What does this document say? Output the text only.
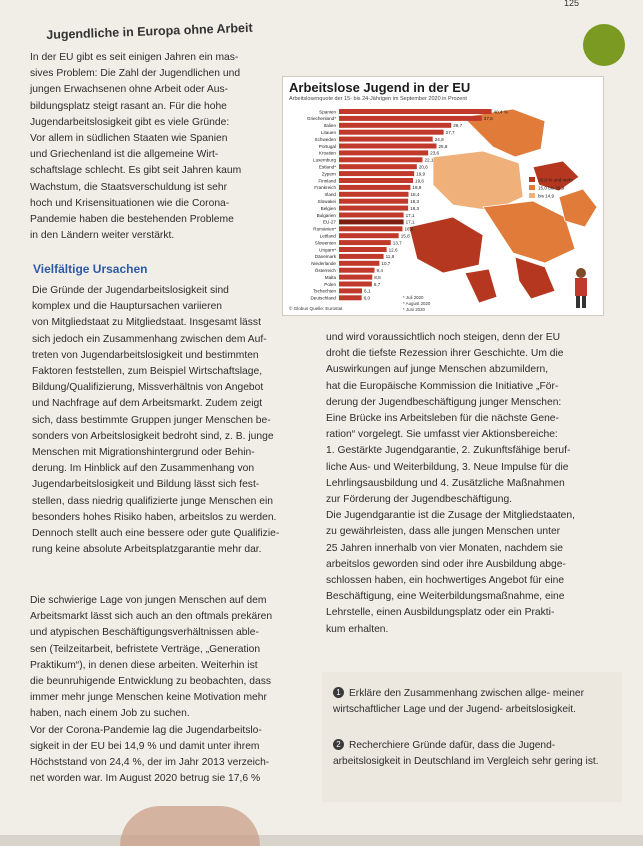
125
Jugendliche in Europa ohne Arbeit
In der EU gibt es seit einigen Jahren ein mas-
sives Problem: Die Zahl der Jugendlichen und
jungen Erwachsenen ohne Arbeit oder Aus-
bildungsplatz steigt rasant an. Für die hohe
Jugendarbeitslosigkeit gibt es viele Gründe:
Vor allem in südlichen Staaten wie Spanien
und Griechenland ist die allgemeine Wirt-
schaftslage schlecht. Es gibt seit Jahren kaum
Wachstum, die Staatsverschuldung ist sehr
hoch und Krisensituationen wie die Corona-
Pandemie haben die bestehenden Probleme
in den Ländern weiter verstärkt.
Arbeitslose Jugend in der EU
Arbeitslosenquote der 15- bis 24-Jährigen im September 2020 in Prozent
Spanien	40,4 %
Griechenland*	37,8
Italien	29,7
Litauen	27,7
Schweden	24,8
Portugal	25,8
Kroatien	23,6
Luxemburg	22,1
Estland*	20,6
Zypern	19,9
Finnland	19,6
Frankreich	18,9
Irland	18,4
Slowakei	18,3
Belgien	18,3
Bulgarien	17,1
EU-27	17,1
Rumänien*	16,8
Lettland	15,8
Slowenien	13,7
Ungarn*	12,6
Dänemark	11,8
Niederlande	10,7
Österreich	9,4
Malta	8,8
Polen	8,7
Tschechien	6,1
Deutschland	6,0
20,0 % und mehr
15,0 bis 29,9
bis 14,9
* Juli 2020
* August 2020
* Juni 2020
© Globus Quelle: Eurostat
Vielfältige Ursachen
Die Gründe der Jugendarbeitslosigkeit sind
komplex und die Hauptursachen variieren
von Mitgliedstaat zu Mitgliedstaat. Insgesamt lässt
sich jedoch ein Zusammenhang zwischen dem Auf-
treten von Jugendarbeitslosigkeit und bestimmten
Faktoren feststellen, zum Beispiel Wirtschaftslage,
Bildung/Qualifizierung, Missverhältnis von Angebot
und Nachfrage auf dem Arbeitsmarkt. Zudem zeigt
sich, dass bestimmte Gruppen junger Menschen be-
sonders von Arbeitslosigkeit bedroht sind, z. B. junge
Menschen mit Migrationshintergrund oder Behin-
derung. Im Hinblick auf den Zusammenhang von
Jugendarbeitslosigkeit und Bildung lässt sich fest-
stellen, dass niedrig qualifizierte junge Menschen ein
besonders hohes Risiko haben, arbeitslos zu werden.
Dennoch stellt auch eine bessere oder gute Qualifizie-
rung keine absolute Arbeitsplatzgarantie mehr dar.
Die schwierige Lage von jungen Menschen auf dem
Arbeitsmarkt lässt sich auch an den oftmals prekären
und atypischen Beschäftigungsverhältnissen able-
sen (Teilzeitarbeit, befristete Verträge, „Generation
Praktikum“), in denen diese arbeiten. Weiterhin ist
die beunruhigende Entwicklung zu beobachten, dass
immer mehr junge Menschen keine Motivation mehr
haben, nach einem Job zu suchen.
Vor der Corona-Pandemie lag die Jugendarbeitslo-
sigkeit in der EU bei 14,9 % und damit unter ihrem
Höchststand von 24,4 %, der im Jahr 2013 verzeich-
net worden war. Im August 2020 betrug sie 17,6 %
und wird voraussichtlich noch steigen, denn der EU
droht die tiefste Rezession ihrer Geschichte. Um die
Auswirkungen auf junge Menschen abzumildern,
hat die Europäische Kommission die Initiative „För-
derung der Jugendbeschäftigung junger Menschen:
Eine Brücke ins Arbeitsleben für die nächste Gene-
ration“ vorgelegt. Sie umfasst vier Aktionsbereiche:
1. Gestärkte Jugendgarantie, 2. Zukunftsfähige beruf-
liche Aus- und Weiterbildung, 3. Neue Impulse für die
Lehrlingsausbildung und 4. Zusätzliche Maßnahmen
zur Förderung der Jugendbeschäftigung.
Die Jugendgarantie ist die Zusage der Mitgliedstaaten,
zu gewährleisten, dass alle jungen Menschen unter
25 Jahren innerhalb von vier Monaten, nachdem sie
arbeitslos geworden sind oder ihre Ausbildung abge-
schlossen haben, ein hochwertiges Angebot für eine
Beschäftigung, eine Weiterbildungsmaßnahme, eine
Lehrstelle, einen Ausbildungsplatz oder ein Prakti-
kum erhalten.
1 Erkläre den Zusammenhang zwischen allge- meiner wirtschaftlicher Lage und der Jugend- arbeitslosigkeit.
2 Recherchiere Gründe dafür, dass die Jugend- arbeitslosigkeit in Deutschland im Vergleich sehr gering ist.
